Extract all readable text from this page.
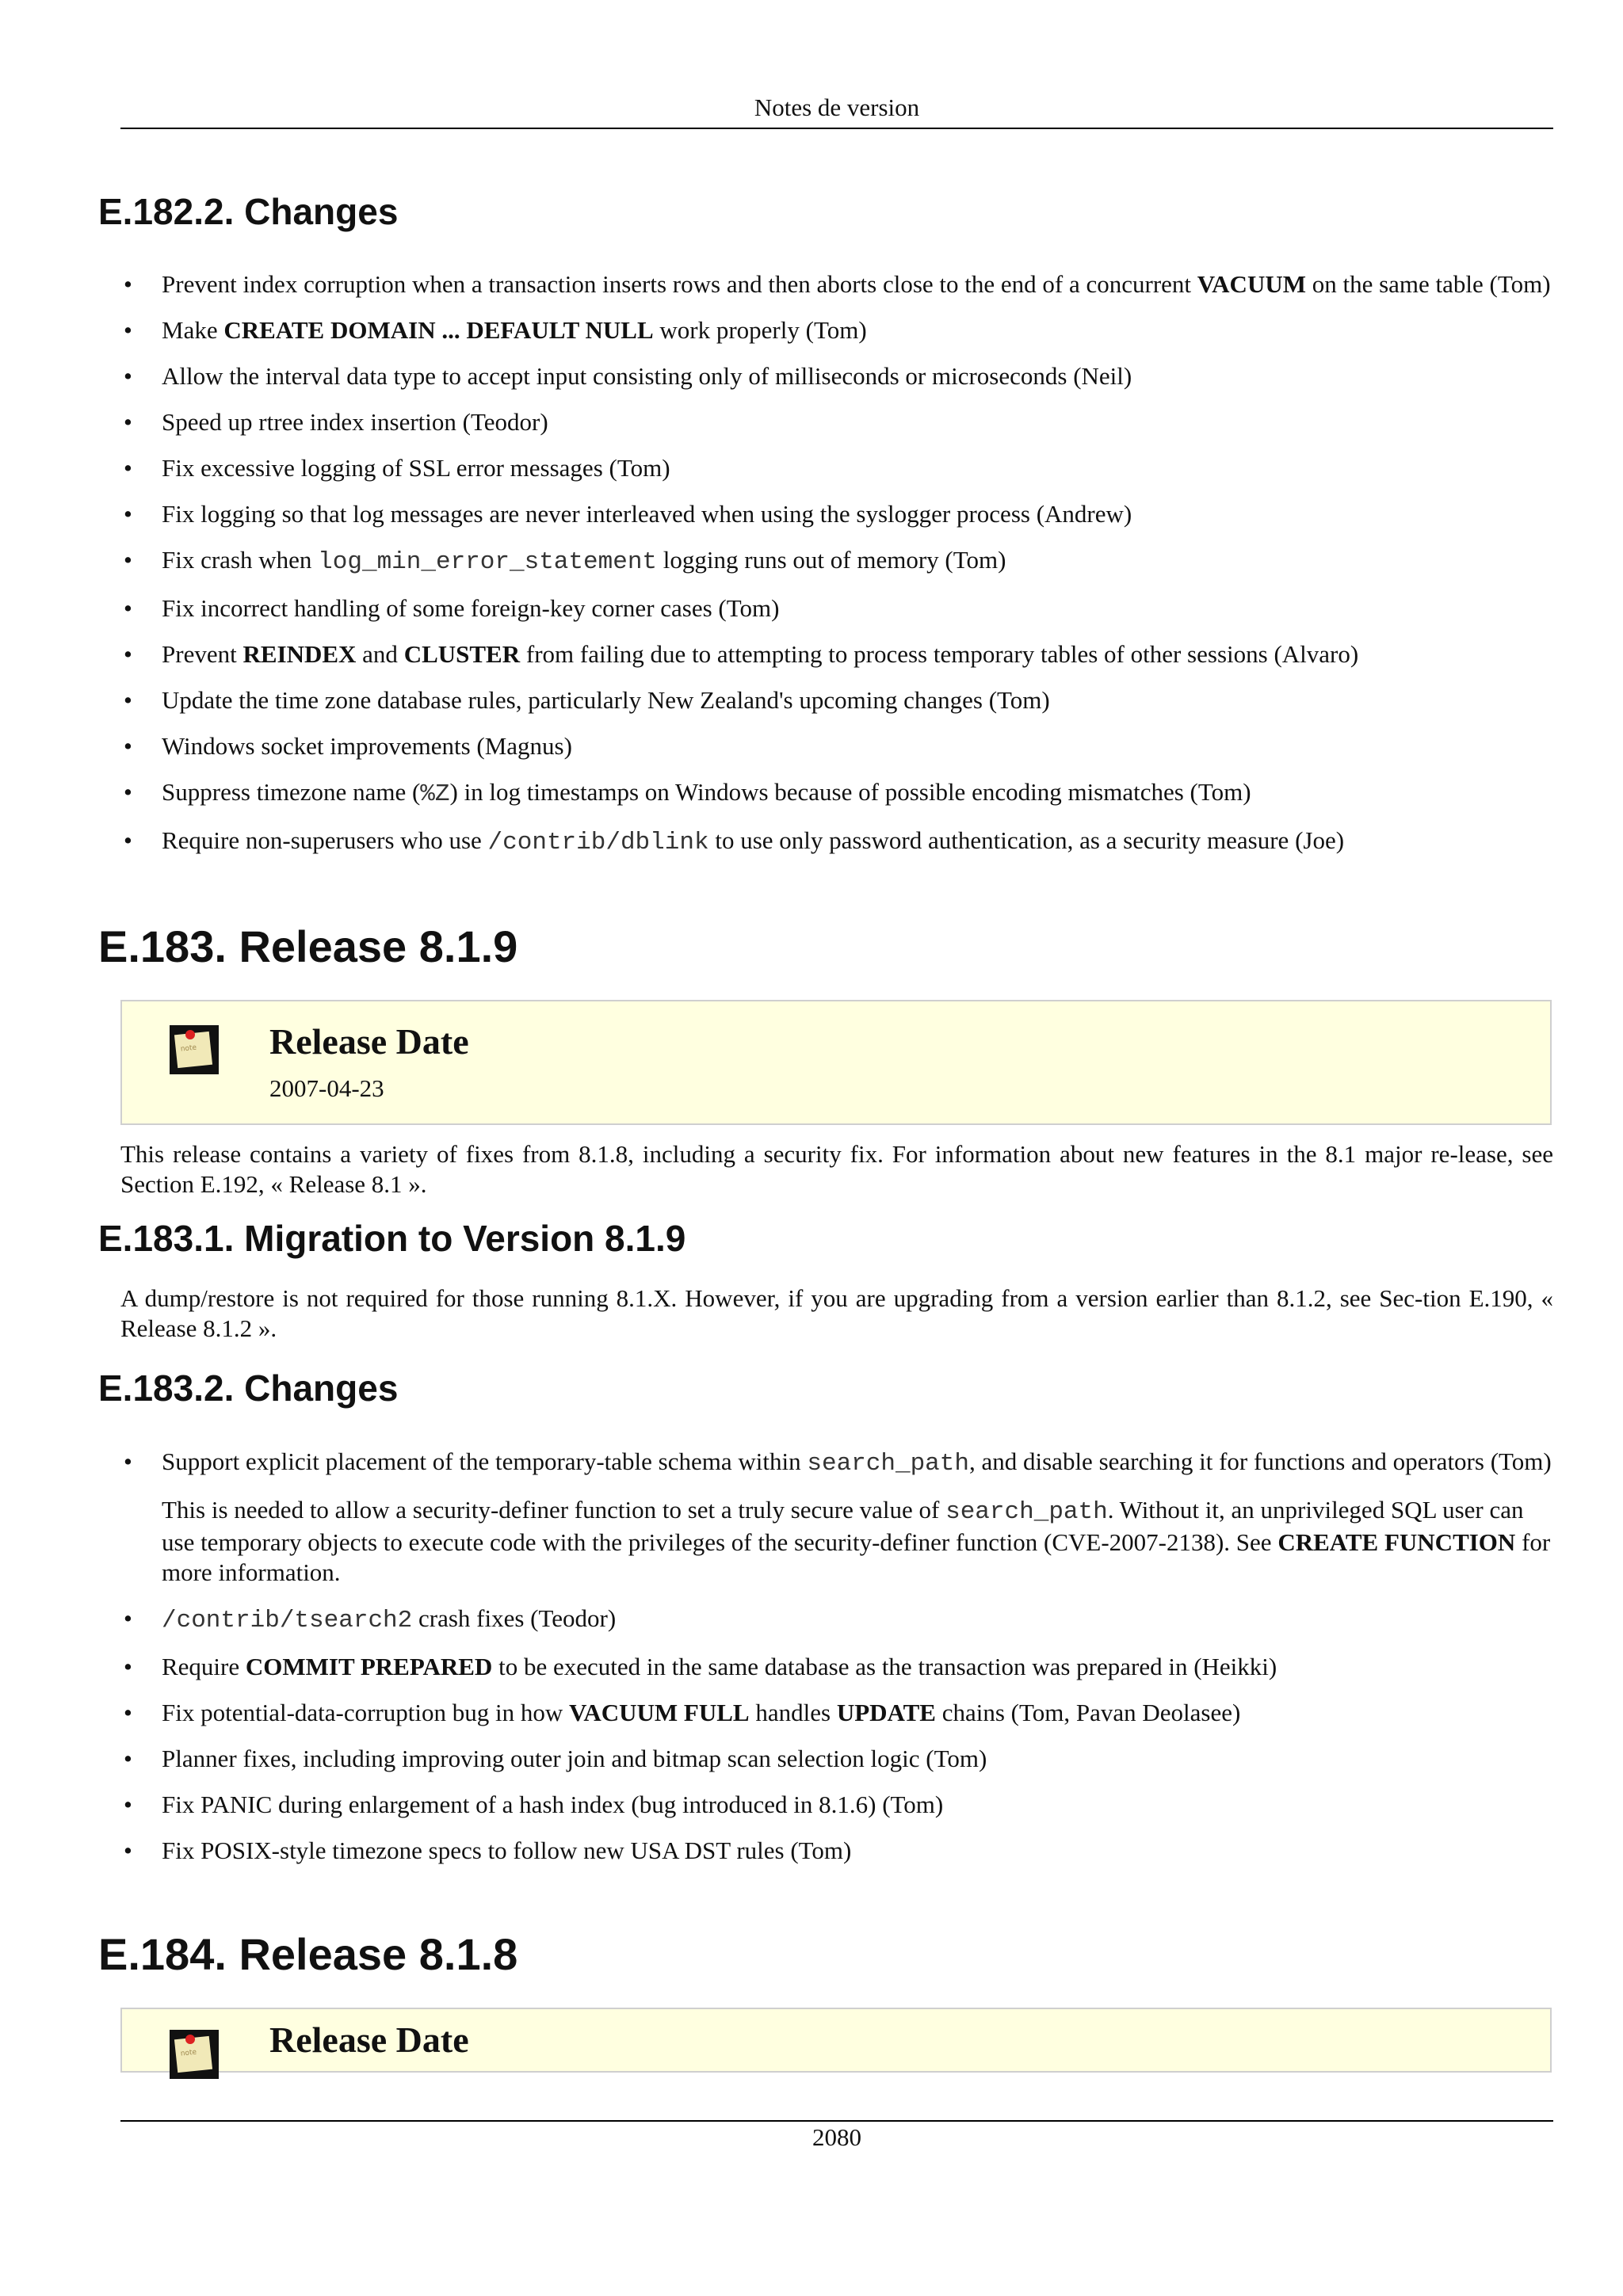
Notes de version
E.182.2. Changes
• Prevent index corruption when a transaction inserts rows and then aborts close to the end of a concurrent VACUUM on the same table (Tom)
• Make CREATE DOMAIN ... DEFAULT NULL work properly (Tom)
• Allow the interval data type to accept input consisting only of milliseconds or microseconds (Neil)
• Speed up rtree index insertion (Teodor)
• Fix excessive logging of SSL error messages (Tom)
• Fix logging so that log messages are never interleaved when using the syslogger process (Andrew)
• Fix crash when log_min_error_statement logging runs out of memory (Tom)
• Fix incorrect handling of some foreign-key corner cases (Tom)
• Prevent REINDEX and CLUSTER from failing due to attempting to process temporary tables of other sessions (Alvaro)
• Update the time zone database rules, particularly New Zealand's upcoming changes (Tom)
• Windows socket improvements (Magnus)
• Suppress timezone name (%Z) in log timestamps on Windows because of possible encoding mismatches (Tom)
• Require non-superusers who use /contrib/dblink to use only password authentication, as a security measure (Joe)
E.183. Release 8.1.9
note Release Date
2007-04-23

This release contains a variety of fixes from 8.1.8, including a security fix. For information about new features in the 8.1 major re-lease, see Section E.192, « Release 8.1 ».

E.183.1. Migration to Version 8.1.9

A dump/restore is not required for those running 8.1.X. However, if you are upgrading from a version earlier than 8.1.2, see Sec-tion E.190, « Release 8.1.2 ».

E.183.2. Changes
• Support explicit placement of the temporary-table schema within search_path, and disable searching it for functions and operators (Tom)

This is needed to allow a security-definer function to set a truly secure value of search_path. Without it, an unprivileged SQL user can use temporary objects to execute code with the privileges of the security-definer function (CVE-2007-2138). See CREATE FUNCTION for more information.

• /contrib/tsearch2 crash fixes (Teodor)
• Require COMMIT PREPARED to be executed in the same database as the transaction was prepared in (Heikki)
• Fix potential-data-corruption bug in how VACUUM FULL handles UPDATE chains (Tom, Pavan Deolasee)
• Planner fixes, including improving outer join and bitmap scan selection logic (Tom)
• Fix PANIC during enlargement of a hash index (bug introduced in 8.1.6) (Tom)
• Fix POSIX-style timezone specs to follow new USA DST rules (Tom)
E.184. Release 8.1.8
note Release Date
2080
